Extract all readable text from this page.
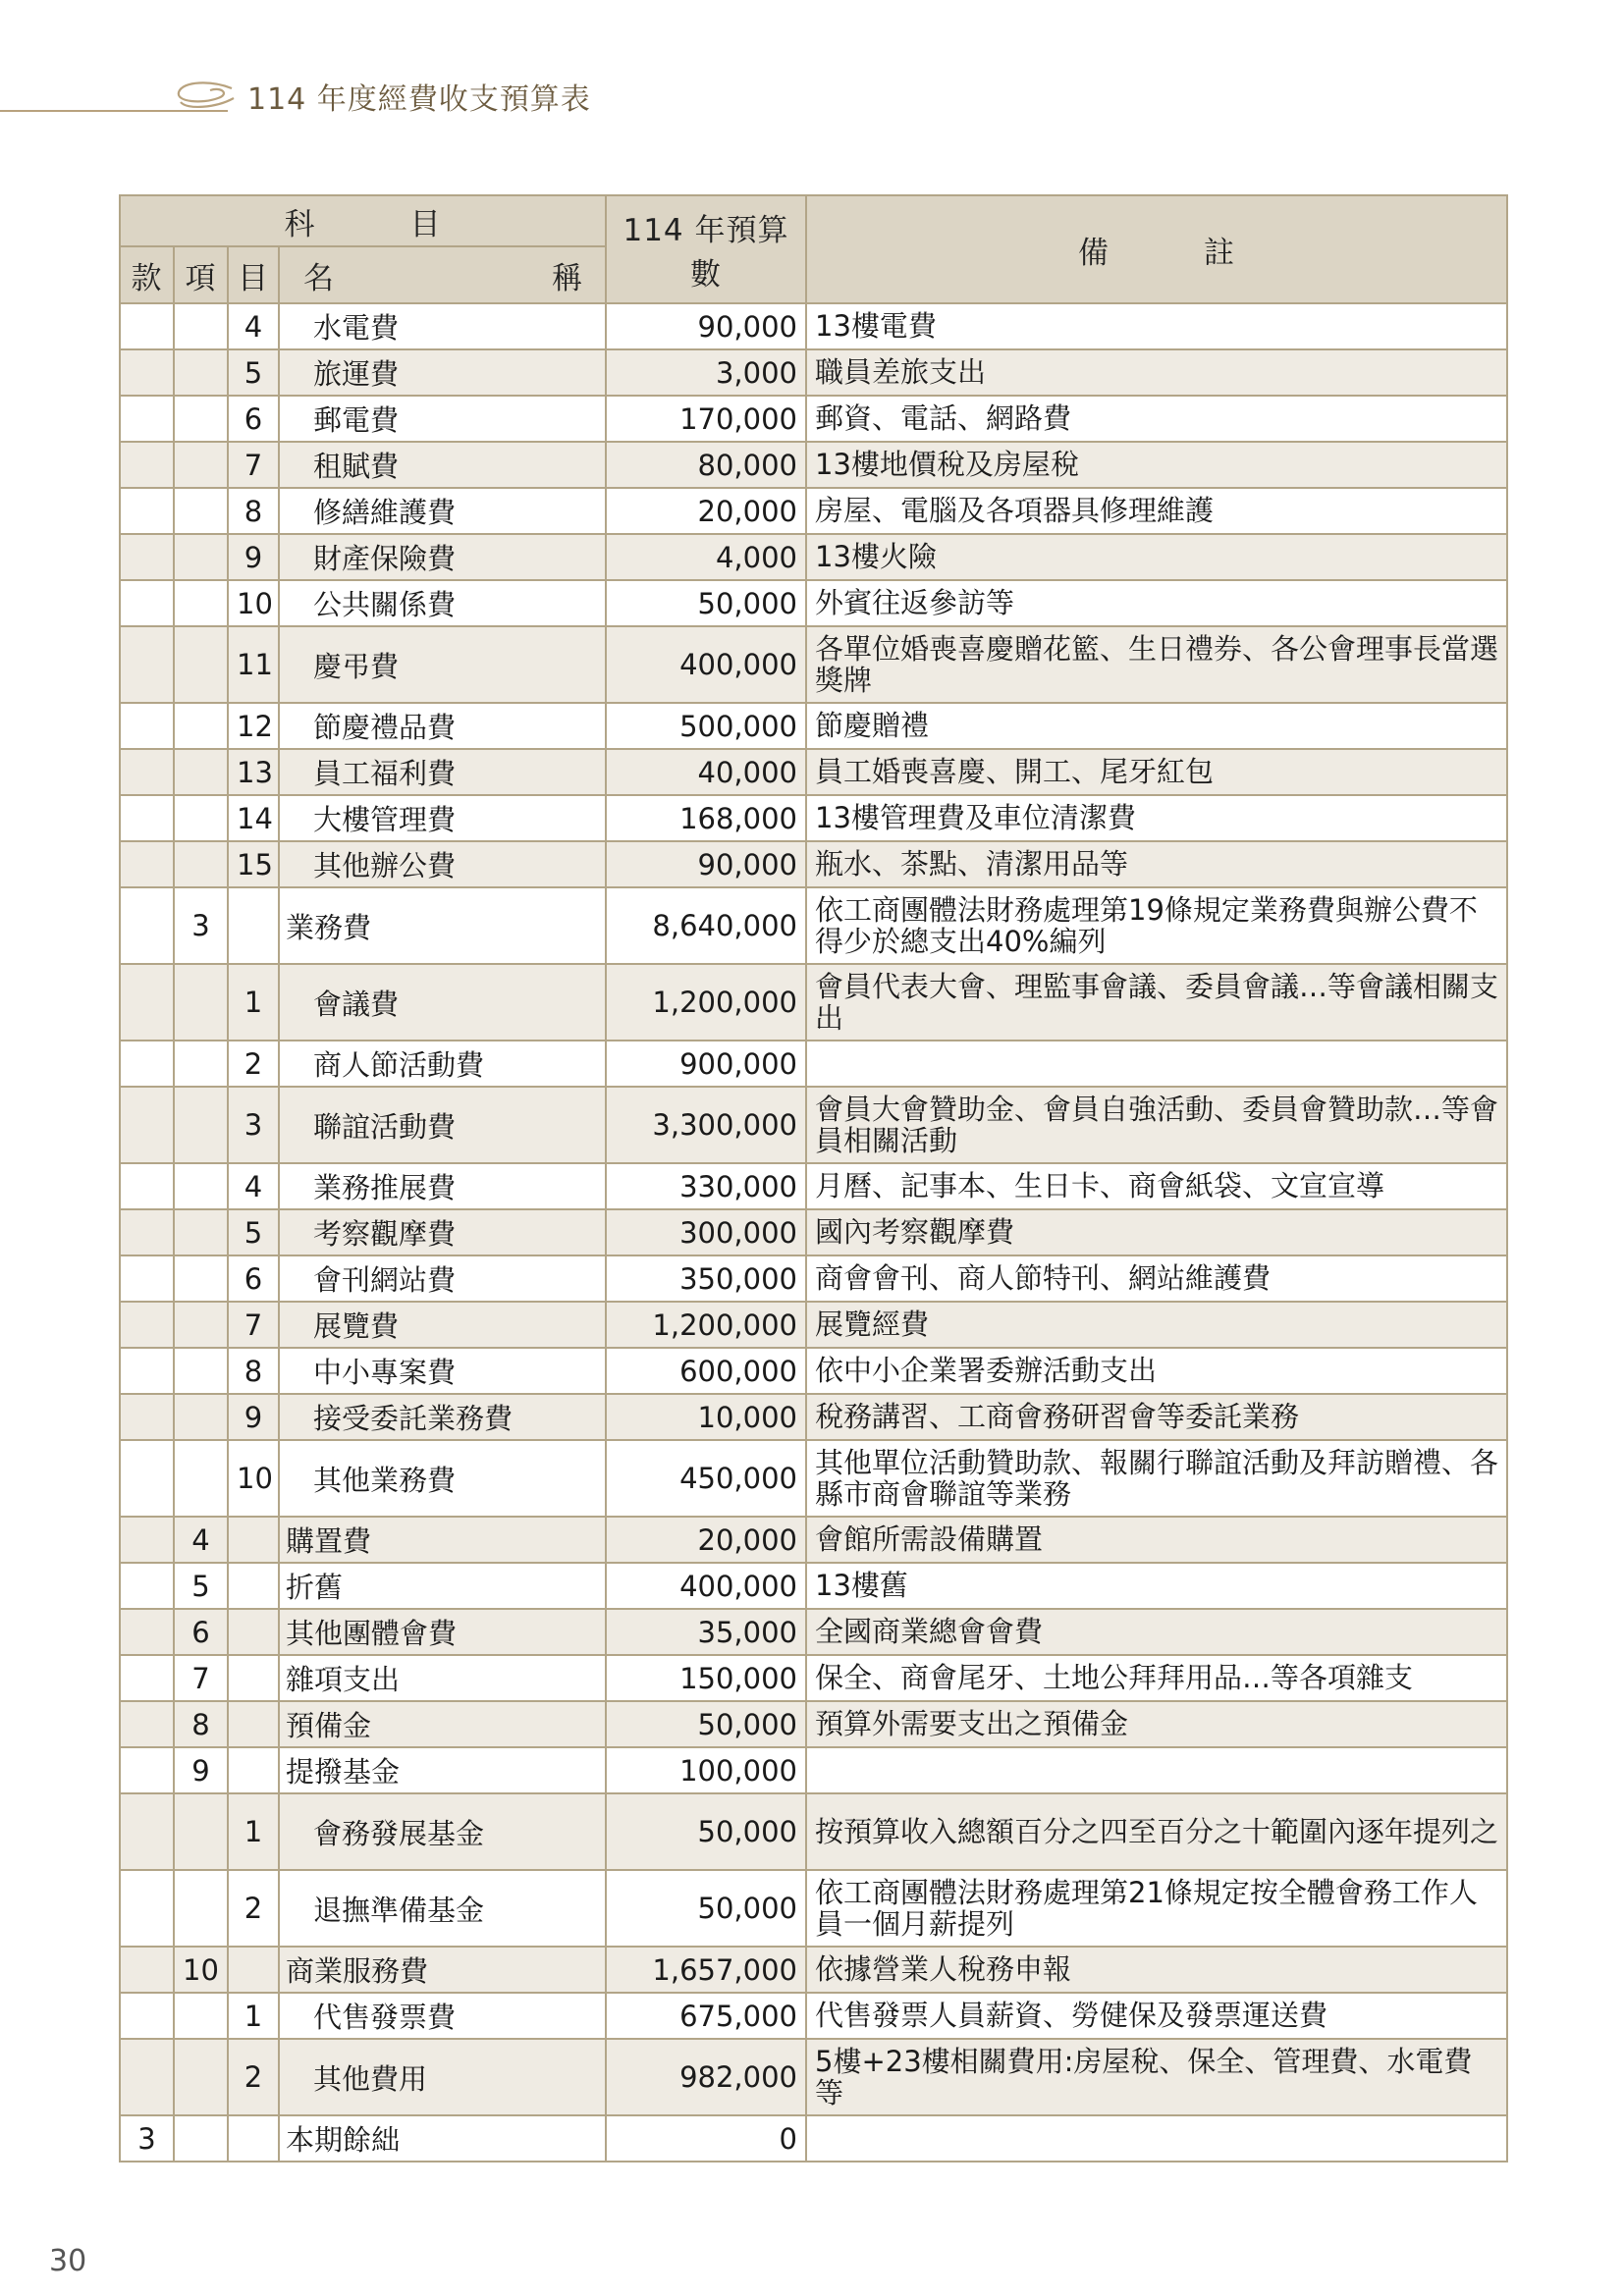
114 年度經費收支預算表
科　　　目				114 年預算數	備　　　註
款	項	目	名 稱		

		4	水電費	90,000	13樓電費
		5	旅運費	3,000	職員差旅支出
		6	郵電費	170,000	郵資、電話、網路費
		7	租賦費	80,000	13樓地價稅及房屋稅
		8	修繕維護費	20,000	房屋、電腦及各項器具修理維護
		9	財產保險費	4,000	13樓火險
		10	公共關係費	50,000	外賓往返參訪等
		11	慶弔費	400,000	各單位婚喪喜慶贈花籃、生日禮券、各公會理事長當選獎牌
		12	節慶禮品費	500,000	節慶贈禮
		13	員工福利費	40,000	員工婚喪喜慶、開工、尾牙紅包
		14	大樓管理費	168,000	13樓管理費及車位清潔費
		15	其他辦公費	90,000	瓶水、茶點、清潔用品等
	3		業務費	8,640,000	依工商團體法財務處理第19條規定業務費與辦公費不得少於總支出40%編列
		1	會議費	1,200,000	會員代表大會、理監事會議、委員會議…等會議相關支出
		2	商人節活動費	900,000	
		3	聯誼活動費	3,300,000	會員大會贊助金、會員自強活動、委員會贊助款…等會員相關活動
		4	業務推展費	330,000	月曆、記事本、生日卡、商會紙袋、文宣宣導
		5	考察觀摩費	300,000	國內考察觀摩費
		6	會刊網站費	350,000	商會會刊、商人節特刊、網站維護費
		7	展覽費	1,200,000	展覽經費
		8	中小專案費	600,000	依中小企業署委辦活動支出
		9	接受委託業務費	10,000	稅務講習、工商會務研習會等委託業務
		10	其他業務費	450,000	其他單位活動贊助款、報關行聯誼活動及拜訪贈禮、各縣市商會聯誼等業務
	4		購置費	20,000	會館所需設備購置
	5		折舊	400,000	13樓舊
	6		其他團體會費	35,000	全國商業總會會費
	7		雜項支出	150,000	保全、商會尾牙、土地公拜拜用品…等各項雜支
	8		預備金	50,000	預算外需要支出之預備金
	9		提撥基金	100,000	
		1	會務發展基金	50,000	按預算收入總額百分之四至百分之十範圍內逐年提列之
		2	退撫準備基金	50,000	依工商團體法財務處理第21條規定按全體會務工作人員一個月薪提列
	10		商業服務費	1,657,000	依據營業人稅務申報
		1	代售發票費	675,000	代售發票人員薪資、勞健保及發票運送費
		2	其他費用	982,000	5樓+23樓相關費用:房屋稅、保全、管理費、水電費等
3			本期餘絀	0	
30
